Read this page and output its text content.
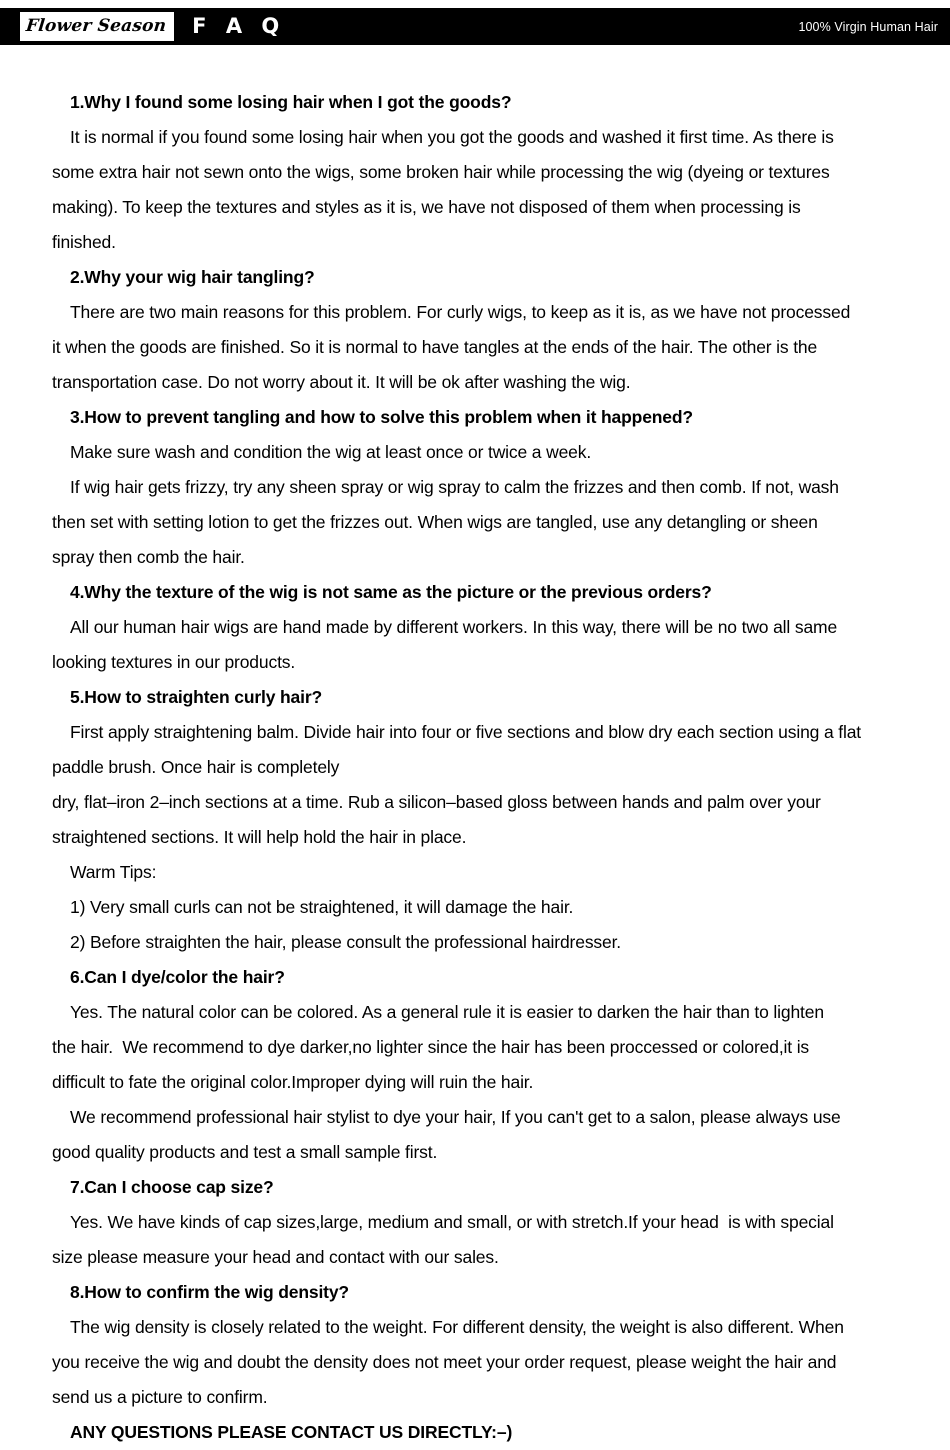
Flower Season F A Q	100% Virgin Human Hair
1.Why I found some losing hair when I got the goods?
It is normal if you found some losing hair when you got the goods and washed it first time. As there is
some extra hair not sewn onto the wigs, some broken hair while processing the wig (dyeing or textures
making). To keep the textures and styles as it is, we have not disposed of them when processing is
finished.
2.Why your wig hair tangling?
There are two main reasons for this problem. For curly wigs, to keep as it is, as we have not processed
it when the goods are finished. So it is normal to have tangles at the ends of the hair. The other is the
transportation case. Do not worry about it. It will be ok after washing the wig.
3.How to prevent tangling and how to solve this problem when it happened?
Make sure wash and condition the wig at least once or twice a week.
If wig hair gets frizzy, try any sheen spray or wig spray to calm the frizzes and then comb. If not, wash
then set with setting lotion to get the frizzes out. When wigs are tangled, use any detangling or sheen
spray then comb the hair.
4.Why the texture of the wig is not same as the picture or the previous orders?
All our human hair wigs are hand made by different workers. In this way, there will be no two all same
looking textures in our products.
5.How to straighten curly hair?
First apply straightening balm. Divide hair into four or five sections and blow dry each section using a flat
paddle brush. Once hair is completely
dry, flat–iron 2–inch sections at a time. Rub a silicon–based gloss between hands and palm over your
straightened sections. It will help hold the hair in place.
Warm Tips:
1) Very small curls can not be straightened, it will damage the hair.
2) Before straighten the hair, please consult the professional hairdresser.
6.Can I dye/color the hair?
Yes. The natural color can be colored. As a general rule it is easier to darken the hair than to lighten
the hair.  We recommend to dye darker,no lighter since the hair has been proccessed or colored,it is
difficult to fate the original color.Improper dying will ruin the hair.
We recommend professional hair stylist to dye your hair, If you can't get to a salon, please always use
good quality products and test a small sample first.
7.Can I choose cap size?
Yes. We have kinds of cap sizes,large, medium and small, or with stretch.If your head  is with special
size please measure your head and contact with our sales.
8.How to confirm the wig density?
The wig density is closely related to the weight. For different density, the weight is also different. When
you receive the wig and doubt the density does not meet your order request, please weight the hair and
send us a picture to confirm.
ANY QUESTIONS PLEASE CONTACT US DIRECTLY:–)
